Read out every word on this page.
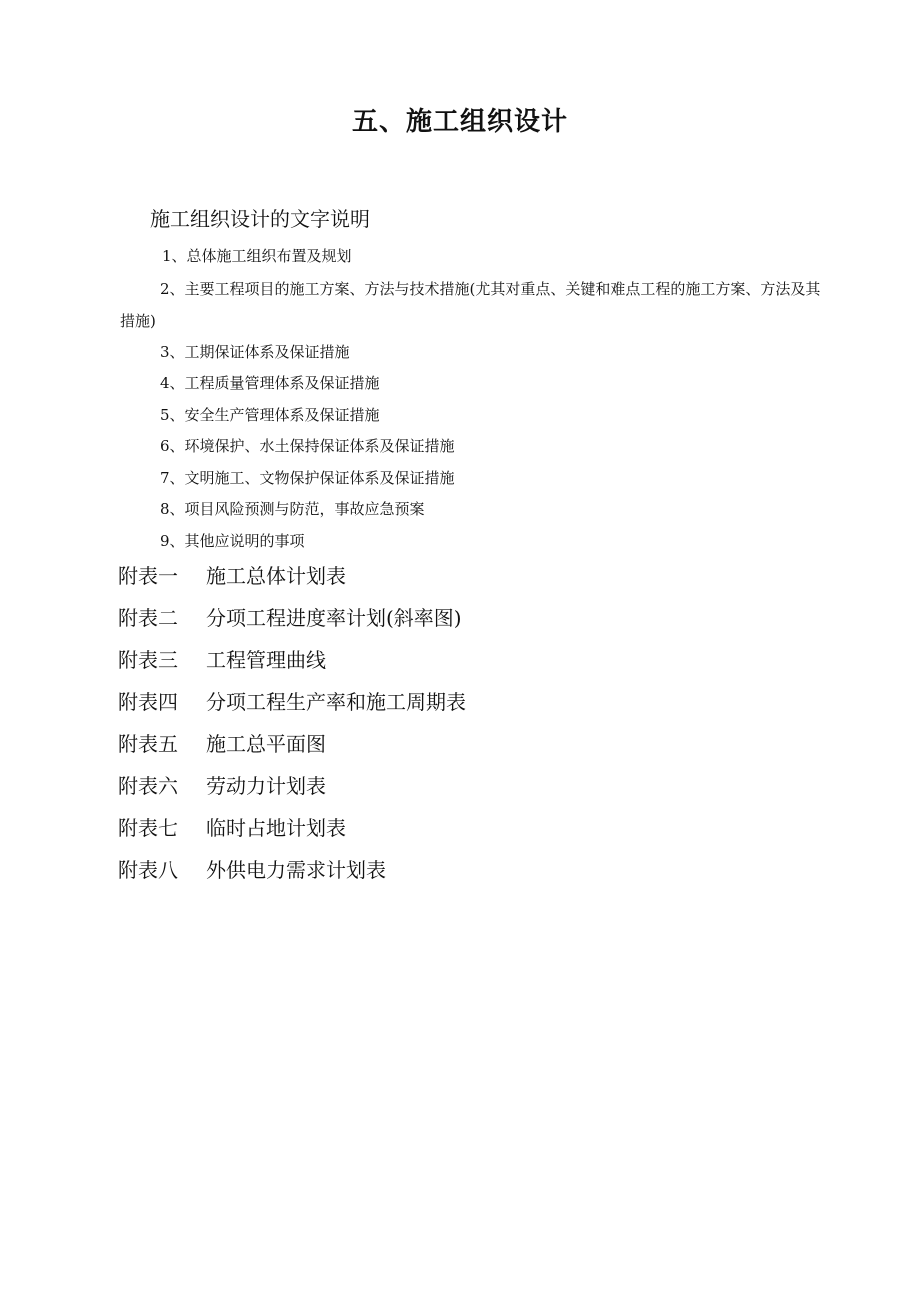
五、施工组织设计
施工组织设计的文字说明
1、总体施工组织布置及规划
2、主要工程项目的施工方案、方法与技术措施(尤其对重点、关键和难点工程的施工方案、方法及其措施)
3、工期保证体系及保证措施
4、工程质量管理体系及保证措施
5、安全生产管理体系及保证措施
6、环境保护、水土保持保证体系及保证措施
7、文明施工、文物保护保证体系及保证措施
8、项目风险预测与防范，事故应急预案
9、其他应说明的事项
附表一 施工总体计划表
附表二 分项工程进度率计划(斜率图)
附表三 工程管理曲线
附表四 分项工程生产率和施工周期表
附表五 施工总平面图
附表六 劳动力计划表
附表七 临时占地计划表
附表八 外供电力需求计划表
